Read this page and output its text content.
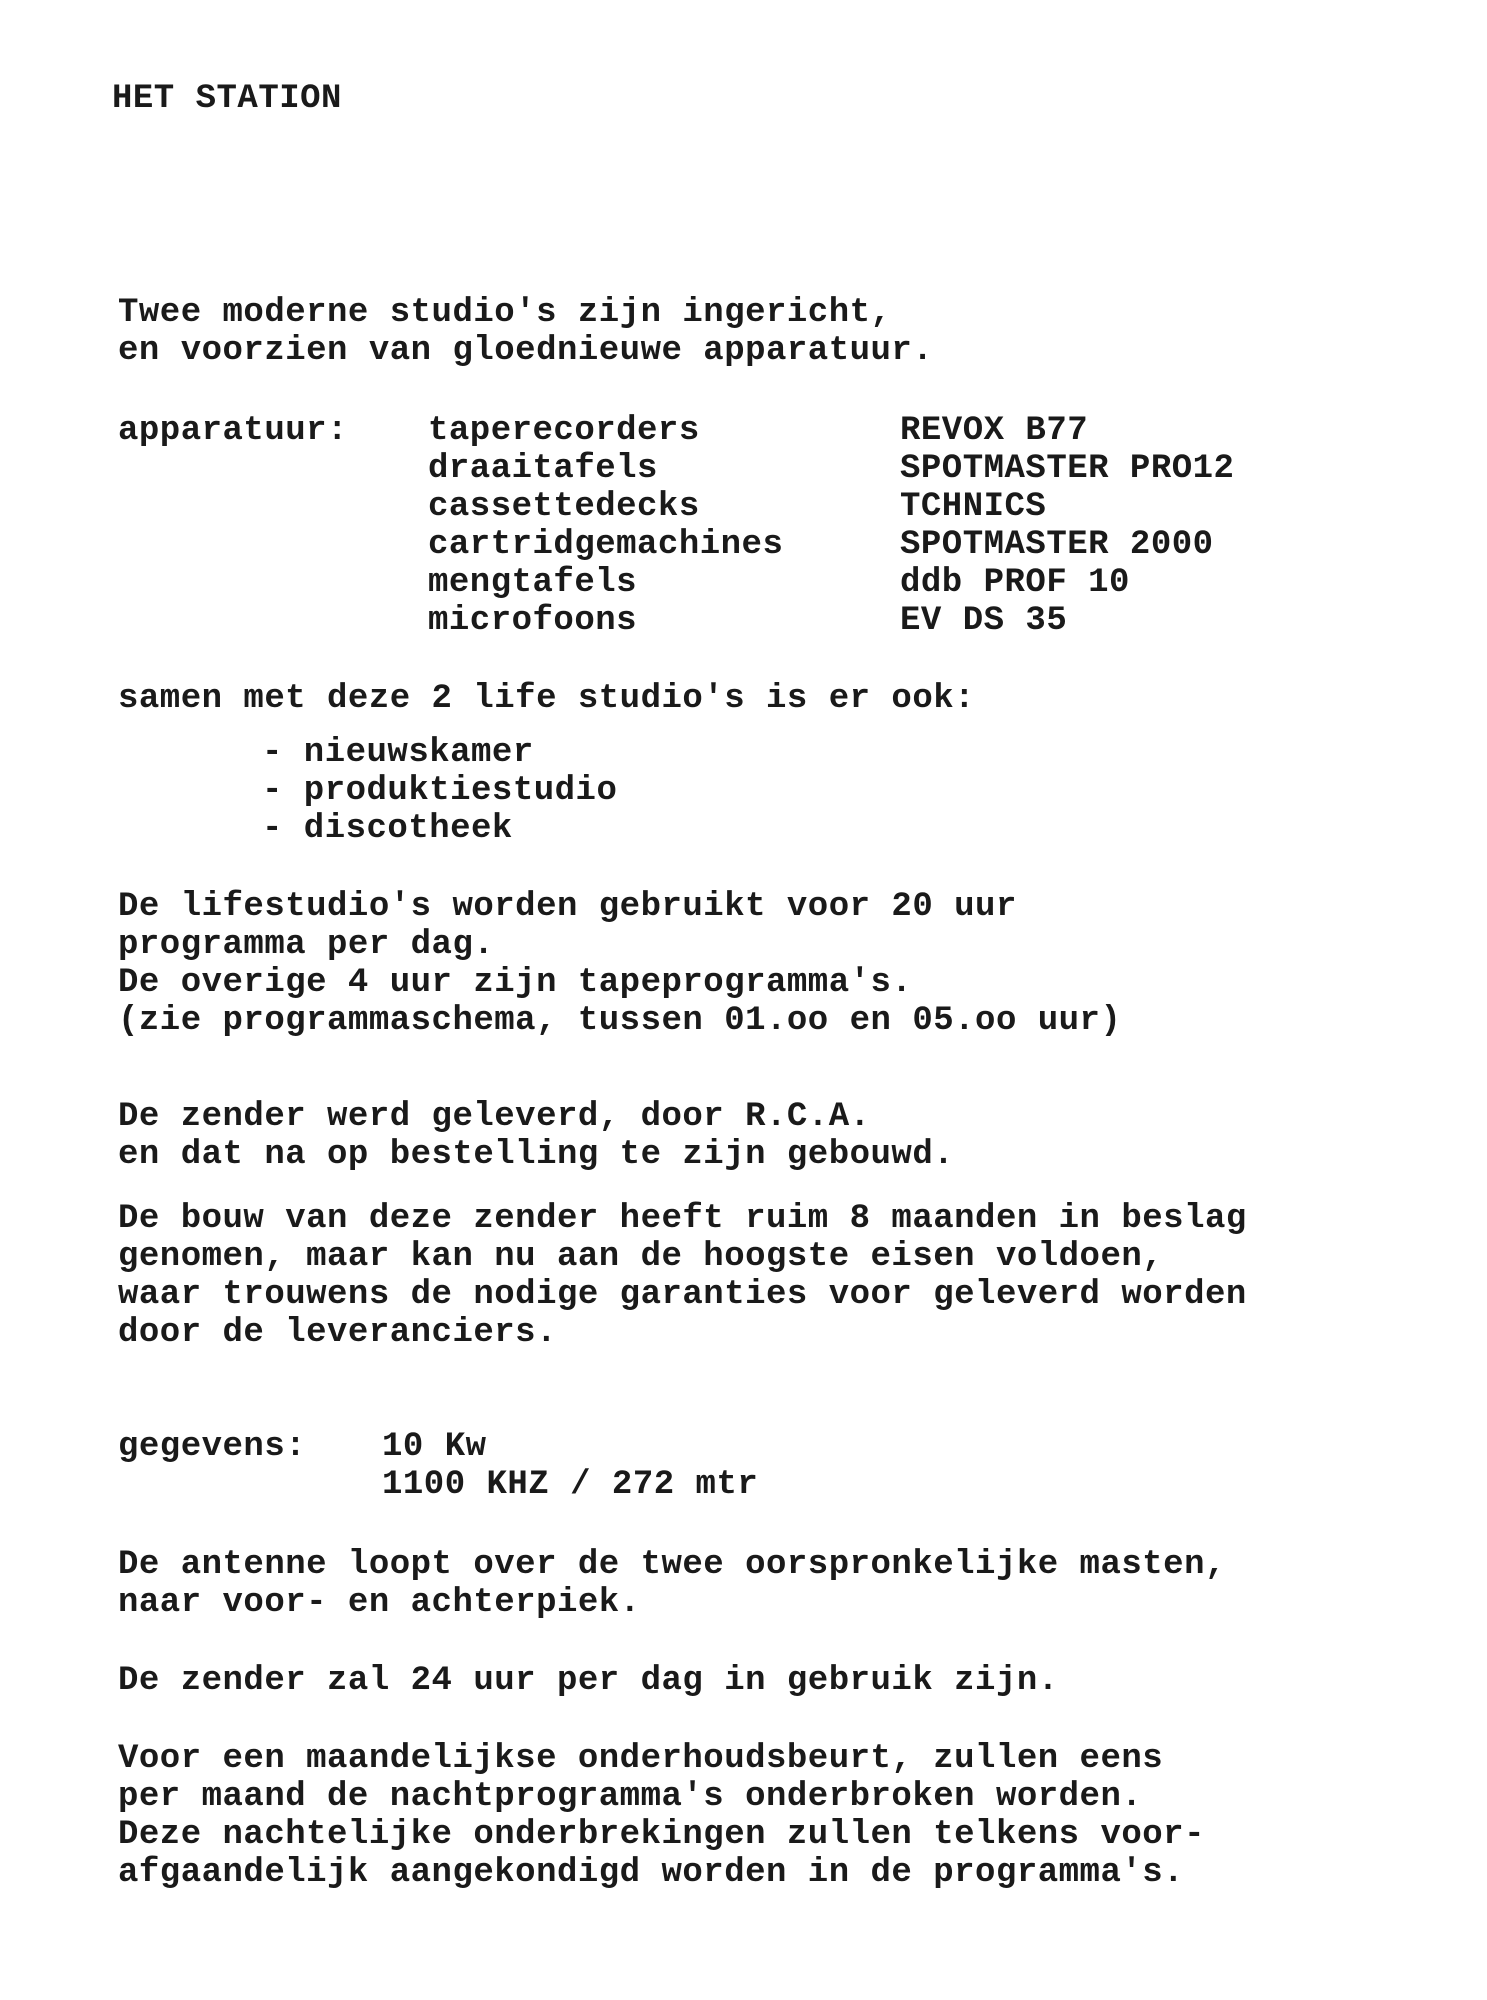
HET STATION
Twee moderne studio's zijn ingericht,
en voorzien van gloednieuwe apparatuur.
apparatuur: taperecorders	REVOX B77
draaitafels	SPOTMASTER PRO12
cassettedecks	TCHNICS
cartridgemachines	SPOTMASTER 2000
mengtafels	ddb PROF 10
microfoons	EV DS 35
samen met deze 2 life studio's is er ook:
- nieuwskamer
- produktiestudio
- discotheek
De lifestudio's worden gebruikt voor 20 uur
programma per dag.
De overige 4 uur zijn tapeprogramma's.
(zie programmaschema, tussen 01.oo en 05.oo uur)
De zender werd geleverd, door R.C.A.
en dat na op bestelling te zijn gebouwd.
De bouw van deze zender heeft ruim 8 maanden in beslag
genomen, maar kan nu aan de hoogste eisen voldoen,
waar trouwens de nodige garanties voor geleverd worden
door de leveranciers.
gegevens: 10 Kw
1100 KHZ / 272 mtr
De antenne loopt over de twee oorspronkelijke masten,
naar voor- en achterpiek.
De zender zal 24 uur per dag in gebruik zijn.
Voor een maandelijkse onderhoudsbeurt, zullen eens
per maand de nachtprogramma's onderbroken worden.
Deze nachtelijke onderbrekingen zullen telkens voor-
afgaandelijk aangekondigd worden in de programma's.
